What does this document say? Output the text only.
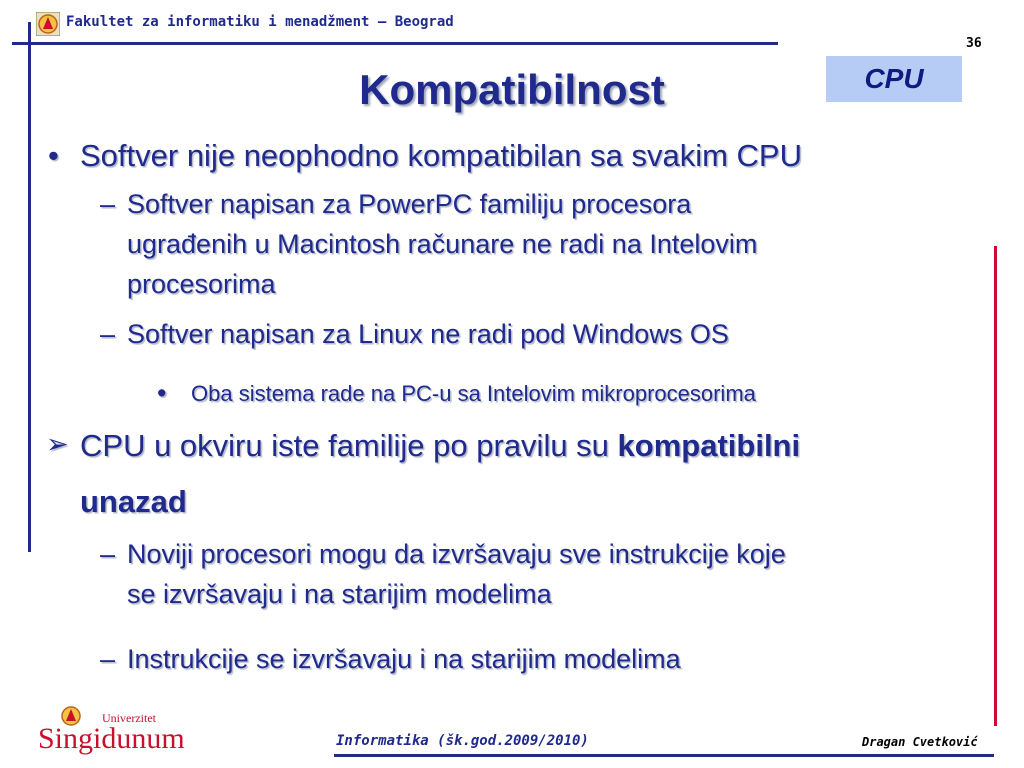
Fakultet za informatiku i menadžment – Beograd
36
CPU
Kompatibilnost
• Softver nije neophodno kompatibilan sa svakim CPU
– Softver napisan za PowerPC familiju procesora
ugrađenih u Macintosh računare ne radi na Intelovim
procesorima
– Softver napisan za Linux ne radi pod Windows OS
• Oba sistema rade na PC-u sa Intelovim mikroprocesorima
➢ CPU u okviru iste familije po pravilu su kompatibilni
unazad
– Noviji procesori mogu da izvršavaju sve instrukcije koje
se izvršavaju i na starijim modelima
– Instrukcije se izvršavaju i na starijim modelima
Univerzitet
Singidunum	Informatika (šk.god.2009/2010)	Dragan Cvetković
